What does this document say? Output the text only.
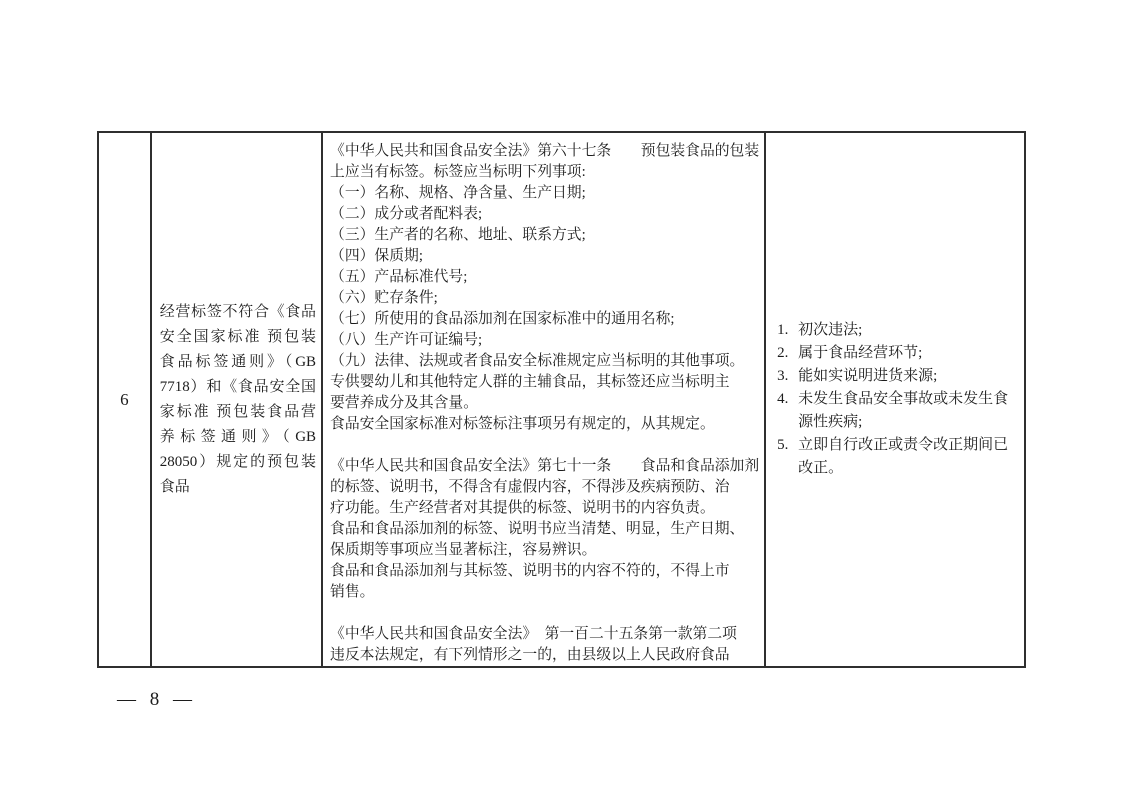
6
经营标签不符合《食品
安全国家标准 预包装
食品标签通则》（GB
7718）和《食品安全国
家标准 预包装食品营
养标签通则》（GB
28050）规定的预包装
食品
《中华人民共和国食品安全法》第六十七条　　预包装食品的包装
上应当有标签。标签应当标明下列事项:
（一）名称、规格、净含量、生产日期;
（二）成分或者配料表;
（三）生产者的名称、地址、联系方式;
（四）保质期;
（五）产品标准代号;
（六）贮存条件;
（七）所使用的食品添加剂在国家标准中的通用名称;
（八）生产许可证编号;
（九）法律、法规或者食品安全标准规定应当标明的其他事项。
专供婴幼儿和其他特定人群的主辅食品，其标签还应当标明主
要营养成分及其含量。
食品安全国家标准对标签标注事项另有规定的，从其规定。
《中华人民共和国食品安全法》第七十一条　　食品和食品添加剂
的标签、说明书，不得含有虚假内容，不得涉及疾病预防、治
疗功能。生产经营者对其提供的标签、说明书的内容负责。
食品和食品添加剂的标签、说明书应当清楚、明显，生产日期、
保质期等事项应当显著标注，容易辨识。
食品和食品添加剂与其标签、说明书的内容不符的，不得上市
销售。
《中华人民共和国食品安全法》　第一百二十五条第一款第二项
违反本法规定，有下列情形之一的，由县级以上人民政府食品
1. 初次违法;
2. 属于食品经营环节;
3. 能如实说明进货来源;
4. 未发生食品安全事故或未发生食源性疾病;
5. 立即自行改正或责令改正期间已改正。
— 8 —
